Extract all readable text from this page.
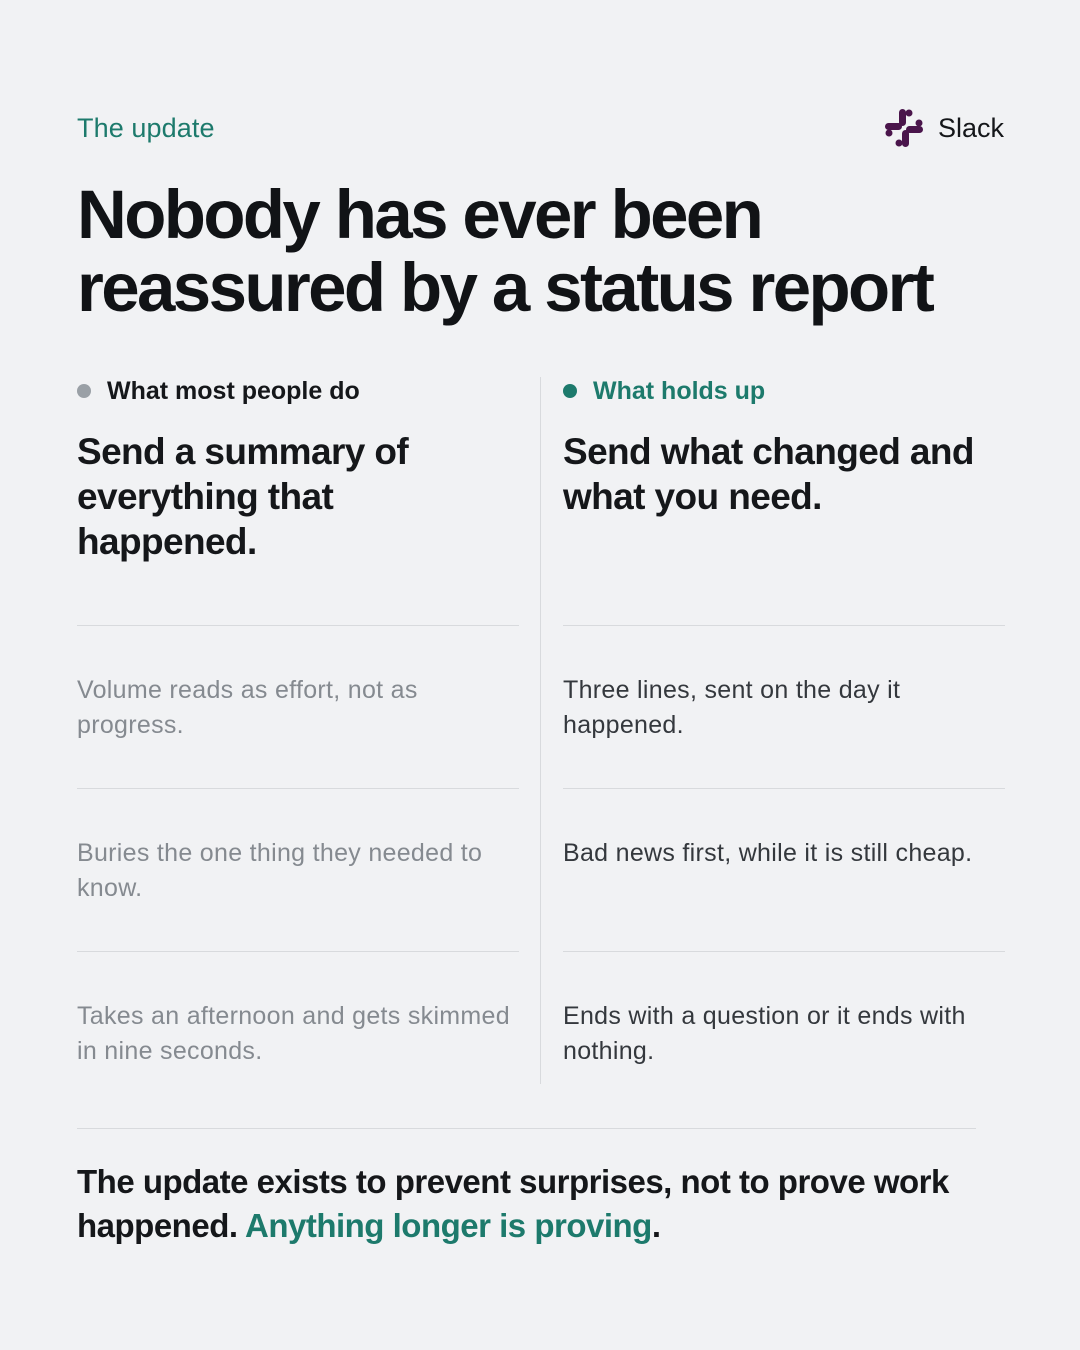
The update	Slack
Nobody has ever been
reassured by a status report
What most people do
Send a summary of everything that happened.
Volume reads as effort, not as progress.
Buries the one thing they needed to know.
Takes an afternoon and gets skimmed in nine seconds.
What holds up
Send what changed and what you need.
Three lines, sent on the day it happened.
Bad news first, while it is still cheap.
Ends with a question or it ends with nothing.

The update exists to prevent surprises, not to prove work happened. Anything longer is proving.
